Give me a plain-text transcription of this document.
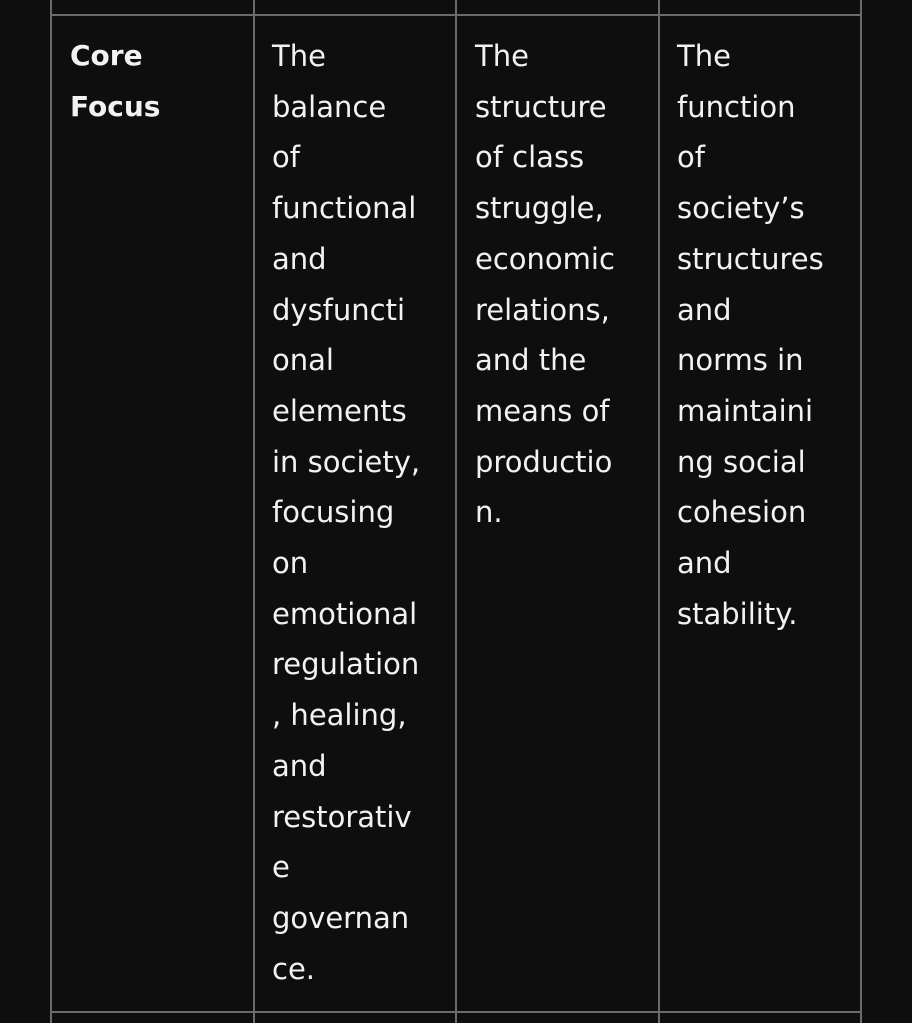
Core
Focus
The
balance
of
functional
and
dysfuncti
onal
elements
in society,
focusing
on
emotional
regulation
, healing,
and
restorativ
e
governan
ce.
The
structure
of class
struggle,
economic
relations,
and the
means of
productio
n.
The
function
of
society’s
structures
and
norms in
maintaini
ng social
cohesion
and
stability.
